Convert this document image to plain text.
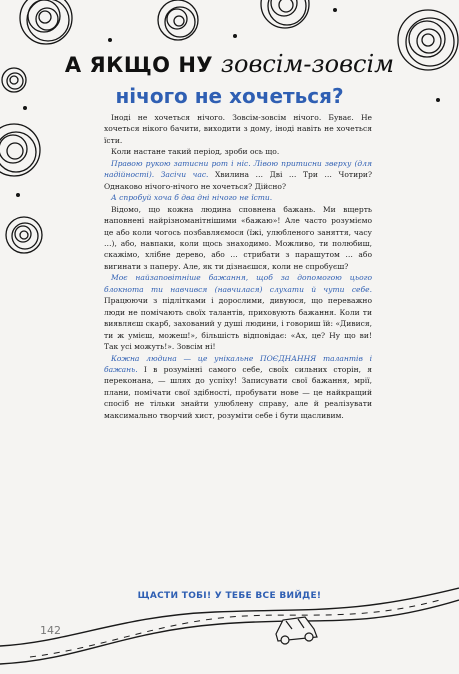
А ЯКЩО НУ зовсім-зовсім
нічого не хочеться?

Іноді не хочеться нічого. Зовсім-зовсім нічого. Буває. Не хочеться нікого бачити, виходити з дому, іноді навіть не хочеться їсти.

Коли настане такий період, зроби ось що.

Правою рукою затисни рот і ніс. Лівою притисни зверху (для надійності). Засічи час. Хвилина … Дві … Три … Чотири? Однаково нічого-нічого не хочеться? Дійсно?

А спробуй хоча б два дні нічого не їсти.

Відомо, що кожна людина сповнена бажань. Ми вщерть наповнені найрізноманітнішими «бажаю»! Але часто розуміємо це або коли чогось позбавляємося (їжі, улюбленого заняття, часу …), або, навпаки, коли щось знаходимо. Можливо, ти полюбиш, скажімо, хлібне дерево, або … стрибати з парашутом … або вигинати з паперу. Але, як ти дізнаєшся, коли не спробуєш?

Моє найзаповітніше бажання, щоб за допомогою цього блокнота ти навчився (навчилася) слухати й чути себе. Працюючи з підлітками і дорослими, дивуюся, що переважно люди не помічають своїх талантів, приховують бажання. Коли ти виявляєш скарб, захований у душі людини, і говориш їй: «Дивися, ти ж умієш, можеш!», більшість відповідає: «Ах, це? Ну що ви! Так усі можуть!». Зовсім ні!

Кожна людина — це унікальне ПОЄДНАННЯ талантів і бажань. І в розумінні самого себе, своїх сильних сторін, я переконана, — шлях до успіху! Записувати свої бажання, мрії, плани, помічати свої здібності, пробувати нове — це найкращий спосіб не тільки знайти улюблену справу, але й реалізувати максимально творчий хист, розуміти себе і бути щасливим.

ЩАСТИ ТОБІ! У ТЕБЕ ВСЕ ВИЙДЕ!
142
